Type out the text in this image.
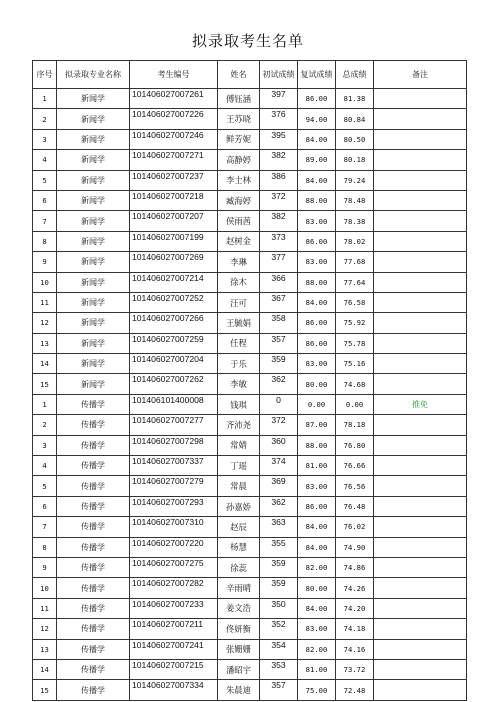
拟录取考生名单
序号	拟录取专业名称	考生编号	姓名	初试成绩	复试成绩	总成绩	备注
1	新闻学	101406027007261	傅钰涵	397	86.00	81.38	
2	新闻学	101406027007226	王苏晓	376	94.00	80.84	
3	新闻学	101406027007246	鲜芳妮	395	84.00	80.50	
4	新闻学	101406027007271	高静婷	382	89.00	80.18	
5	新闻学	101406027007237	李士林	386	84.00	79.24	
6	新闻学	101406027007218	臧海婷	372	88.00	78.48	
7	新闻学	101406027007207	侯雨茜	382	83.00	78.38	
8	新闻学	101406027007199	赵树金	373	86.00	78.02	
9	新闻学	101406027007269	李琳	377	83.00	77.68	
10	新闻学	101406027007214	徐木	366	88.00	77.64	
11	新闻学	101406027007252	汪可	367	84.00	76.58	
12	新闻学	101406027007266	王毓娟	358	86.00	75.92	
13	新闻学	101406027007259	任程	357	86.00	75.78	
14	新闻学	101406027007204	于乐	359	83.00	75.16	
15	新闻学	101406027007262	李敏	362	80.00	74.68	
1	传播学	101406101400008	钱琪	0	0.00	0.00	推免
2	传播学	101406027007277	齐沛尧	372	87.00	78.18	
3	传播学	101406027007298	常婧	360	88.00	76.80	
4	传播学	101406027007337	丁瑶	374	81.00	76.66	
5	传播学	101406027007279	常晨	369	83.00	76.56	
6	传播学	101406027007293	孙嘉娇	362	86.00	76.48	
7	传播学	101406027007310	赵辰	363	84.00	76.02	
8	传播学	101406027007220	杨慧	355	84.00	74.90	
9	传播学	101406027007275	徐蕊	359	82.00	74.86	
10	传播学	101406027007282	辛雨晴	359	80.00	74.26	
11	传播学	101406027007233	姜文浩	350	84.00	74.20	
12	传播学	101406027007211	佟妍衡	352	83.00	74.18	
13	传播学	101406027007241	张姗姗	354	82.00	74.16	
14	传播学	101406027007215	潘昭宇	353	81.00	73.72	
15	传播学	101406027007334	朱晨迪	357	75.00	72.48	
